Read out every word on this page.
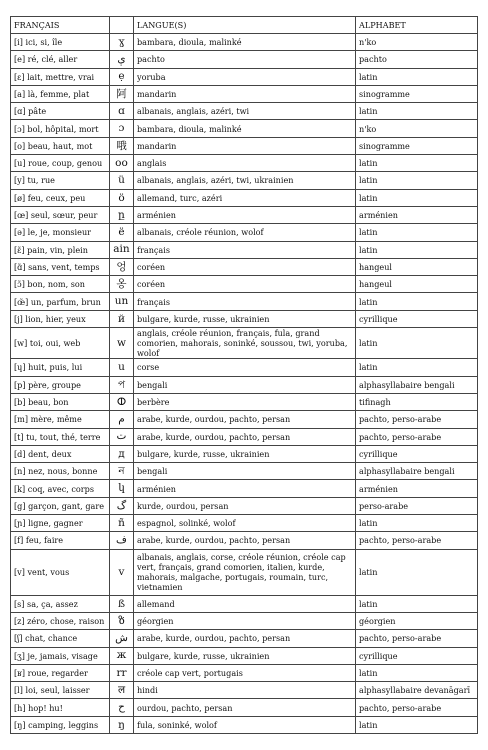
FRANÇAIS		LANGUE(S)	ALPHABET
[i] ici, si, île	ɣ	bambara, dioula, malinké	n'ko
[e] ré, clé, aller	ې	pachto	pachto
[ɛ] lait, mettre, vrai	ẹ	yoruba	latin
[a] là, femme, plat	阿	mandarin	sinogramme
[ɑ] pâte	ɑ	albanais, anglais, azéri, twi	latin
[ɔ] bol, hôpital, mort	ɔ	bambara, dioula, malinké	n'ko
[o] beau, haut, mot	哦	mandarin	sinogramme
[u] roue, coup, genou	oo	anglais	latin
[y] tu, rue	ü	albanais, anglais, azéri, twi, ukrainien	latin
[ø] feu, ceux, peu	ö	allemand, turc, azéri	latin
[œ] seul, sœur, peur	ը	arménien	arménien
[ə] le, je, monsieur	ë	albanais, créole réunion, wolof	latin
[ɛ̃] pain, vin, plein	ain	français	latin
[ɑ̃] sans, vent, temps	엉	coréen	hangeul
[ɔ̃] bon, nom, son	옹	coréen	hangeul
[œ̃] un, parfum, brun	un	français	latin
[j] lion, hier, yeux	й	bulgare, kurde, russe, ukrainien	cyrillique
[w] toi, oui, web	w	anglais, créole réunion, français, fula, grand comorien, mahorais, soninké, soussou, twi, yoruba, wolof	latin
[ɥ] huit, puis, lui	u	corse	latin
[p] père, groupe	প	bengali	alphasyllabaire bengali
[b] beau, bon	ⵀ	berbère	tifinagh
[m] mère, même	م	arabe, kurde, ourdou, pachto, persan	pachto, perso-arabe
[t] tu, tout, thé, terre	ت	arabe, kurde, ourdou, pachto, persan	pachto, perso-arabe
[d] dent, deux	д	bulgare, kurde, russe, ukrainien	cyrillique
[n] nez, nous, bonne	ন	bengali	alphasyllabaire bengali
[k] coq, avec, corps	կ	arménien	arménien
[g] garçon, gant, gare	گ	kurde, ourdou, persan	perso-arabe
[ɲ] ligne, gagner	ñ	espagnol, solinké, wolof	latin
[f] feu, faire	ف	arabe, kurde, ourdou, pachto, persan	pachto, perso-arabe
[v] vent, vous	v	albanais, anglais, corse, créole réunion, créole cap vert, français, grand comorien, italien, kurde, mahorais, malgache, portugais, roumain, turc, vietnamien	latin
[s] sa, ça, assez	ß	allemand	latin
[z] zéro, chose, raison	ზ	géorgien	géorgien
[ʃ] chat, chance	ش	arabe, kurde, ourdou, pachto, persan	pachto, perso-arabe
[ʒ] je, jamais, visage	ж	bulgare, kurde, russe, ukrainien	cyrillique
[ʁ] roue, regarder	rr	créole cap vert, portugais	latin
[l] loi, seul, laisser	ल	hindi	alphasyllabaire devanāgarī
[h] hop! hu!	ح	ourdou, pachto, persan	pachto, perso-arabe
[ŋ] camping, leggins	ŋ	fula, soninké, wolof	latin
